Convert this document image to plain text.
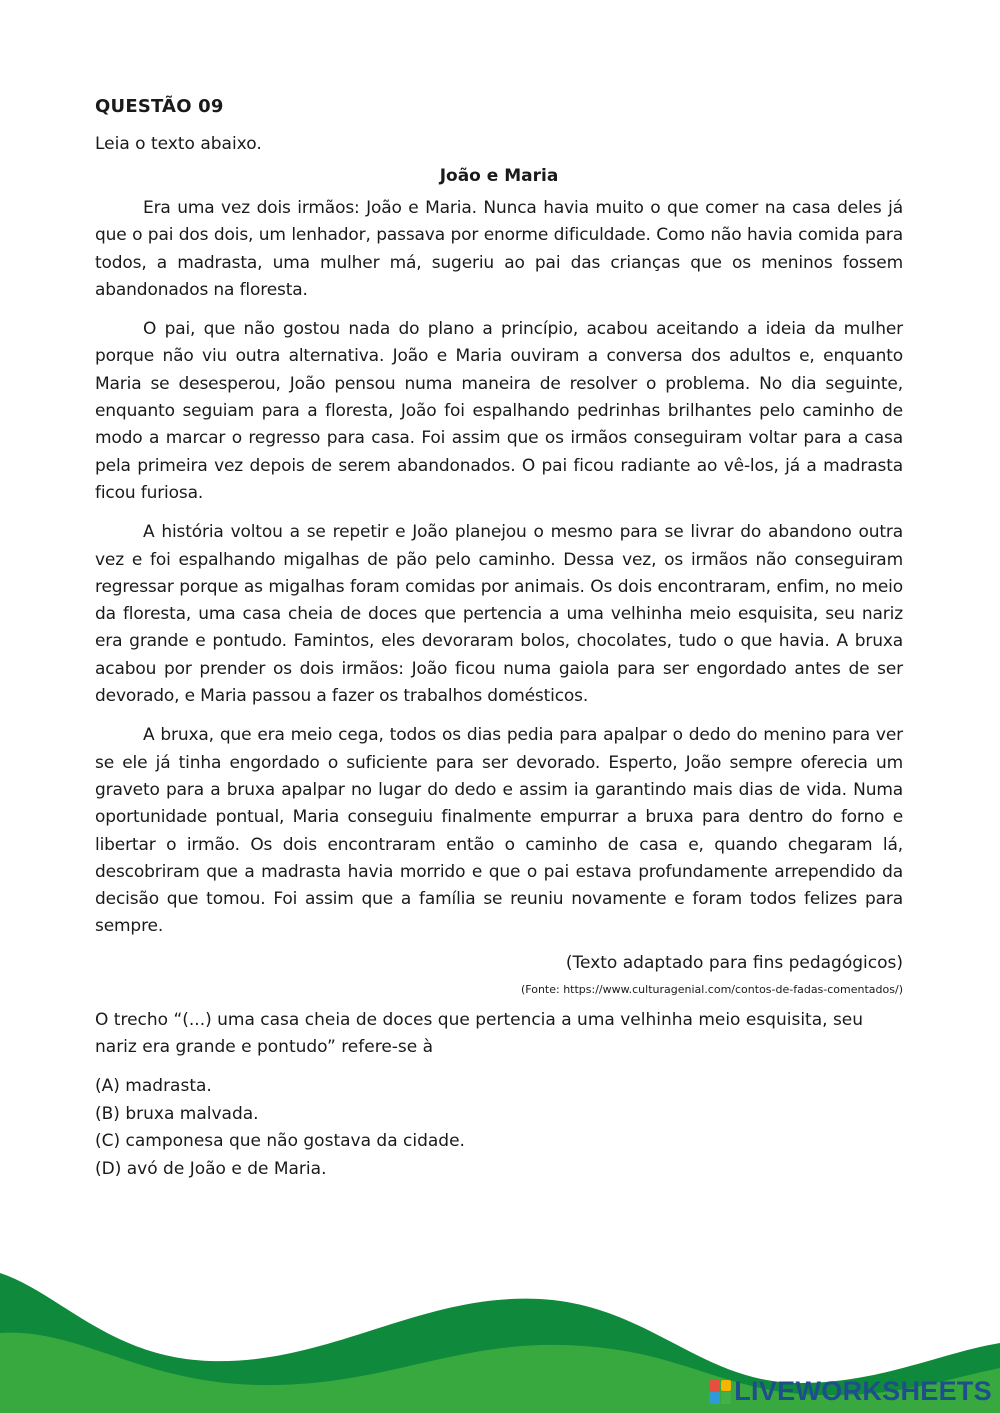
QUESTÃO 09
Leia o texto abaixo.
João e Maria

Era uma vez dois irmãos: João e Maria. Nunca havia muito o que comer na casa deles já que o pai dos dois, um lenhador, passava por enorme dificuldade. Como não havia comida para todos, a madrasta, uma mulher má, sugeriu ao pai das crianças que os meninos fossem abandonados na floresta.

O pai, que não gostou nada do plano a princípio, acabou aceitando a ideia da mulher porque não viu outra alternativa. João e Maria ouviram a conversa dos adultos e, enquanto Maria se desesperou, João pensou numa maneira de resolver o problema. No dia seguinte, enquanto seguiam para a floresta, João foi espalhando pedrinhas brilhantes pelo caminho de modo a marcar o regresso para casa. Foi assim que os irmãos conseguiram voltar para a casa pela primeira vez depois de serem abandonados. O pai ficou radiante ao vê-los, já a madrasta ficou furiosa.

A história voltou a se repetir e João planejou o mesmo para se livrar do abandono outra vez e foi espalhando migalhas de pão pelo caminho. Dessa vez, os irmãos não conseguiram regressar porque as migalhas foram comidas por animais. Os dois encontraram, enfim, no meio da floresta, uma casa cheia de doces que pertencia a uma velhinha meio esquisita, seu nariz era grande e pontudo. Famintos, eles devoraram bolos, chocolates, tudo o que havia. A bruxa acabou por prender os dois irmãos: João ficou numa gaiola para ser engordado antes de ser devorado, e Maria passou a fazer os trabalhos domésticos.

A bruxa, que era meio cega, todos os dias pedia para apalpar o dedo do menino para ver se ele já tinha engordado o suficiente para ser devorado. Esperto, João sempre oferecia um graveto para a bruxa apalpar no lugar do dedo e assim ia garantindo mais dias de vida. Numa oportunidade pontual, Maria conseguiu finalmente empurrar a bruxa para dentro do forno e libertar o irmão. Os dois encontraram então o caminho de casa e, quando chegaram lá, descobriram que a madrasta havia morrido e que o pai estava profundamente arrependido da decisão que tomou. Foi assim que a família se reuniu novamente e foram todos felizes para sempre.

(Texto adaptado para fins pedagógicos)
(Fonte: https://www.culturagenial.com/contos-de-fadas-comentados/)
O trecho “(...) uma casa cheia de doces que pertencia a uma velhinha meio esquisita, seu nariz era grande e pontudo” refere-se à
(A) madrasta.
(B) bruxa malvada.
(C) camponesa que não gostava da cidade.
(D) avó de João e de Maria.
LIVEWORKSHEETS
